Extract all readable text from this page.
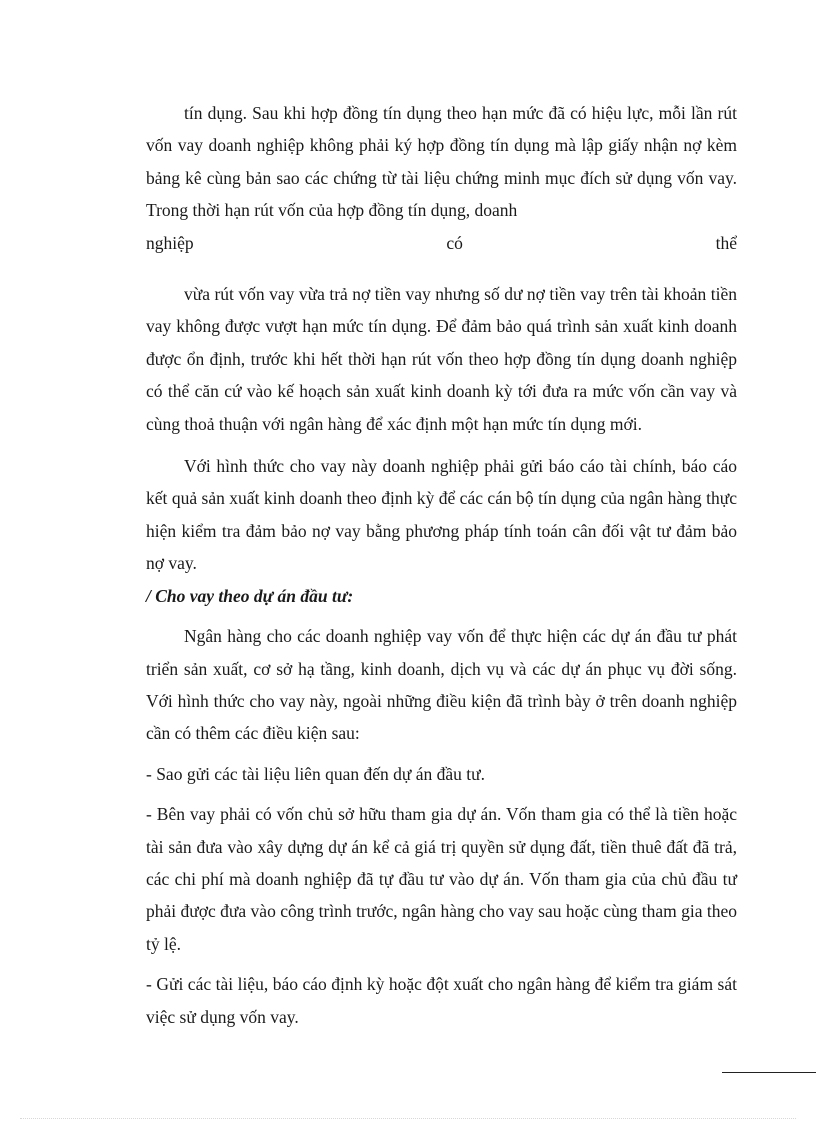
tín dụng. Sau khi hợp đồng tín dụng theo hạn mức đã có hiệu lực, mỗi lần rút vốn vay doanh nghiệp không phải ký hợp đồng tín dụng mà lập giấy nhận nợ kèm bảng kê cùng bản sao các chứng từ tài liệu chứng minh mục đích sử dụng vốn vay. Trong thời hạn rút vốn của hợp đồng tín dụng, doanh

nghiệp	có	thể

vừa rút vốn vay vừa trả nợ tiền vay nhưng số dư nợ tiền vay trên tài khoản tiền vay không được vượt hạn mức tín dụng. Để đảm bảo quá trình sản xuất kinh doanh được ổn định, trước khi hết thời hạn rút vốn theo hợp đồng tín dụng doanh nghiệp có thể căn cứ vào kế hoạch sản xuất kinh doanh kỳ tới đưa ra mức vốn cần vay và cùng thoả thuận với ngân hàng để xác định một hạn mức tín dụng mới.

Với hình thức cho vay này doanh nghiệp phải gửi báo cáo tài chính, báo cáo kết quả sản xuất kinh doanh theo định kỳ để các cán bộ tín dụng của ngân hàng thực hiện kiểm tra đảm bảo nợ vay bằng phương pháp tính toán cân đối vật tư đảm bảo nợ vay.

/ Cho vay theo dự án đầu tư:

Ngân hàng cho các doanh nghiệp vay vốn để thực hiện các dự án đầu tư phát triển sản xuất, cơ sở hạ tầng, kinh doanh, dịch vụ và các dự án phục vụ đời sống. Với hình thức cho vay này, ngoài những điều kiện đã trình bày ở trên doanh nghiệp cần có thêm các điều kiện sau:

- Sao gửi các tài liệu liên quan đến dự án đầu tư.

- Bên vay phải có vốn chủ sở hữu tham gia dự án. Vốn tham gia có thể là tiền hoặc tài sản đưa vào xây dựng dự án kể cả giá trị quyền sử dụng đất, tiền thuê đất đã trả, các chi phí mà doanh nghiệp đã tự đầu tư vào dự án. Vốn tham gia của chủ đầu tư phải được đưa vào công trình trước, ngân hàng cho vay sau hoặc cùng tham gia theo tỷ lệ.

- Gửi các tài liệu, báo cáo định kỳ hoặc đột xuất cho ngân hàng để kiểm tra giám sát việc sử dụng vốn vay.
